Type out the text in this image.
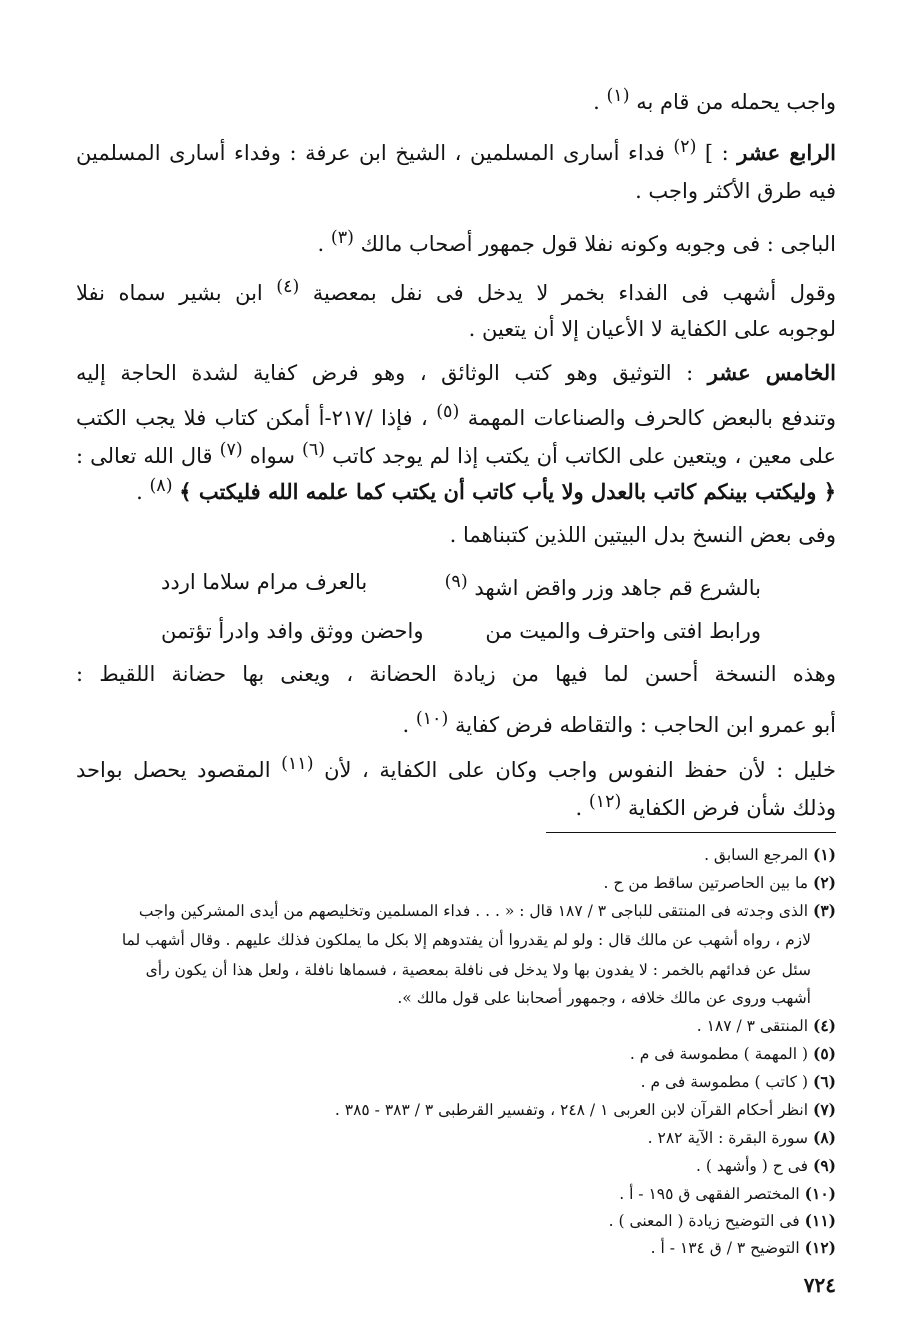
واجب يحمله من قام به $^{(١)}$ .
الرابع عشر : ] $^{(٢)}$ فداء أسارى المسلمين ، الشيخ ابن عرفة : وفداء أسارى المسلمين
فيه طرق الأكثر واجب .
الباجى : فى وجوبه وكونه نفلا قول جمهور أصحاب مالك $^{(٣)}$ .
وقول أشهب فى الفداء بخمر لا يدخل فى نفل بمعصية $^{(٤)}$ ابن بشير سماه نفلا
لوجوبه على الكفاية لا الأعيان إلا أن يتعين .
الخامس عشر : التوثيق وهو كتب الوثائق ، وهو فرض كفاية لشدة الحاجة إليه
وتندفع بالبعض كالحرف والصناعات المهمة $^{(٥)}$ ، فإذا /٢١٧-أ أمكن كتاب فلا يجب الكتب
على معين ، ويتعين على الكاتب أن يكتب إذا لم يوجد كاتب $^{(٦)}$ سواه $^{(٧)}$ قال الله تعالى :
﴿ وليكتب بينكم كاتب بالعدل ولا يأب كاتب أن يكتب كما علمه الله فليكتب ﴾ $^{(٨)}$ .
وفى بعض النسخ بدل البيتين اللذين كتبناهما .
بالشرع قم جاهد وزر واقض اشهد $^{(٩)}$
بالعرف مرام سلاما اردد
ورابط افتى واحترف والميت من
واحضن ووثق وافد وادرأ تؤتمن
وهذه النسخة أحسن لما فيها من زيادة الحضانة ، ويعنى بها حضانة اللقيط :
أبو عمرو ابن الحاجب : والتقاطه فرض كفاية $^{(١٠)}$ .
خليل : لأن حفظ النفوس واجب وكان على الكفاية ، لأن $^{(١١)}$ المقصود يحصل بواحد
وذلك شأن فرض الكفاية $^{(١٢)}$ .
(١) المرجع السابق .
(٢) ما بين الحاصرتين ساقط من ح .
(٣) الذى وجدته فى المنتقى للباجى ٣ / ١٨٧ قال : « . . . فداء المسلمين وتخليصهم من أيدى المشركين واجب
لازم ، رواه أشهب عن مالك قال : ولو لم يقدروا أن يفتدوهم إلا بكل ما يملكون فذلك عليهم . وقال أشهب لما
سئل عن فدائهم بالخمر : لا يفدون بها ولا يدخل فى نافلة بمعصية ، فسماها نافلة ، ولعل هذا أن يكون رأى
أشهب وروى عن مالك خلافه ، وجمهور أصحابنا على قول مالك ».
(٤) المنتقى ٣ / ١٨٧ .
(٥) ( المهمة ) مطموسة فى م .
(٦) ( كاتب ) مطموسة فى م .
(٧) انظر أحكام القرآن لابن العربى ١ / ٢٤٨ ، وتفسير القرطبى ٣ / ٣٨٣ - ٣٨٥ .
(٨) سورة البقرة : الآية ٢٨٢ .
(٩) فى ح ( وأشهد ) .
(١٠) المختصر الفقهى ق ١٩٥ - أ .
(١١) فى التوضيح زيادة ( المعنى ) .
(١٢) التوضيح ٣ / ق ١٣٤ - أ .
٧٢٤
